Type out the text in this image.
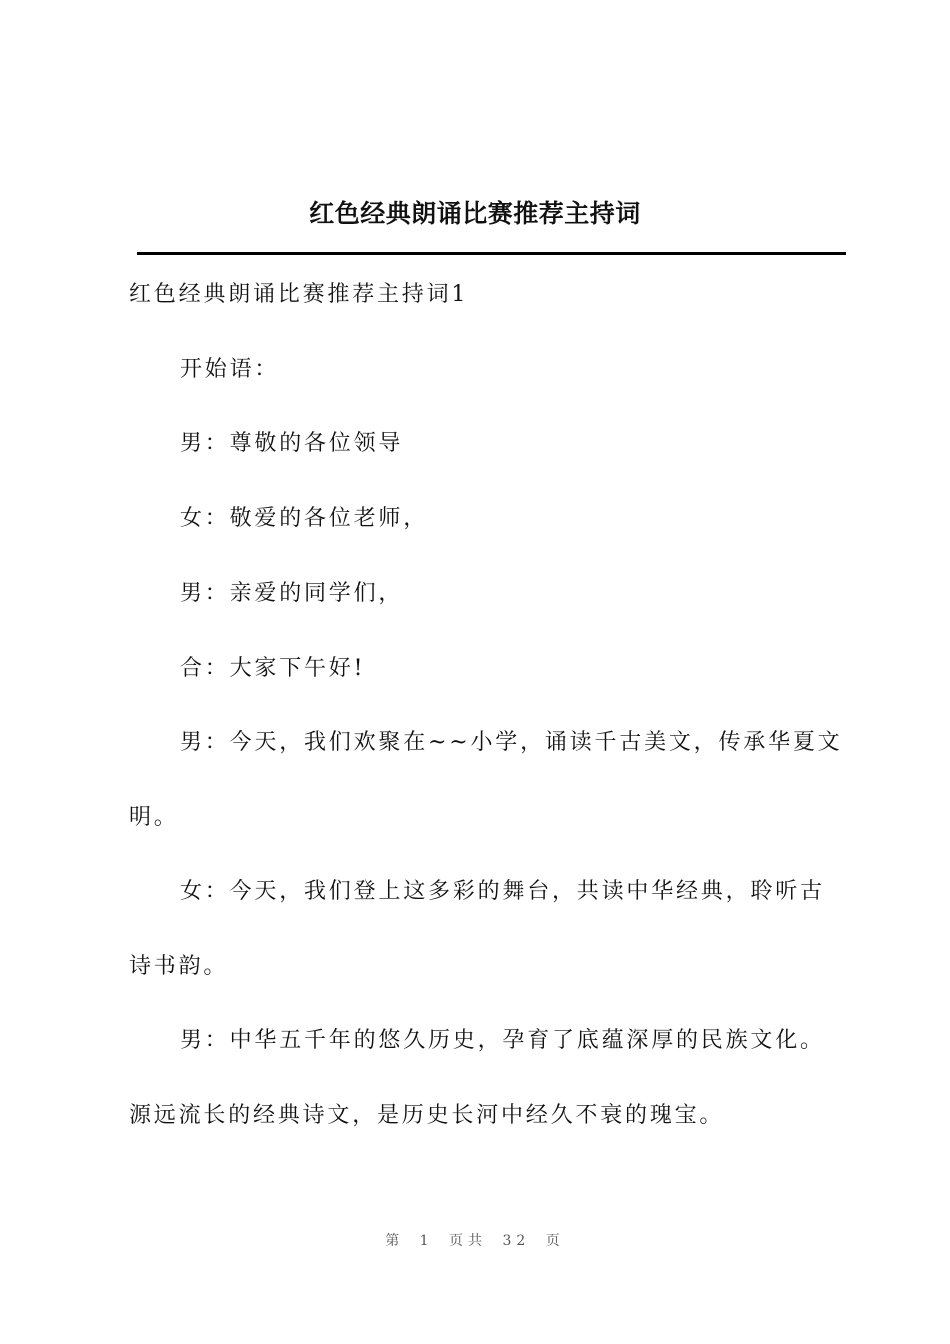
红色经典朗诵比赛推荐主持词
红色经典朗诵比赛推荐主持词1
开始语：
男：尊敬的各位领导
女：敬爱的各位老师，
男：亲爱的同学们，
合：大家下午好!
男：今天，我们欢聚在~~小学，诵读千古美文，传承华夏文
明。
女：今天，我们登上这多彩的舞台，共读中华经典，聆听古
诗书韵。
男：中华五千年的悠久历史，孕育了底蕴深厚的民族文化。
源远流长的经典诗文，是历史长河中经久不衰的瑰宝。
第 1 页共 32 页
